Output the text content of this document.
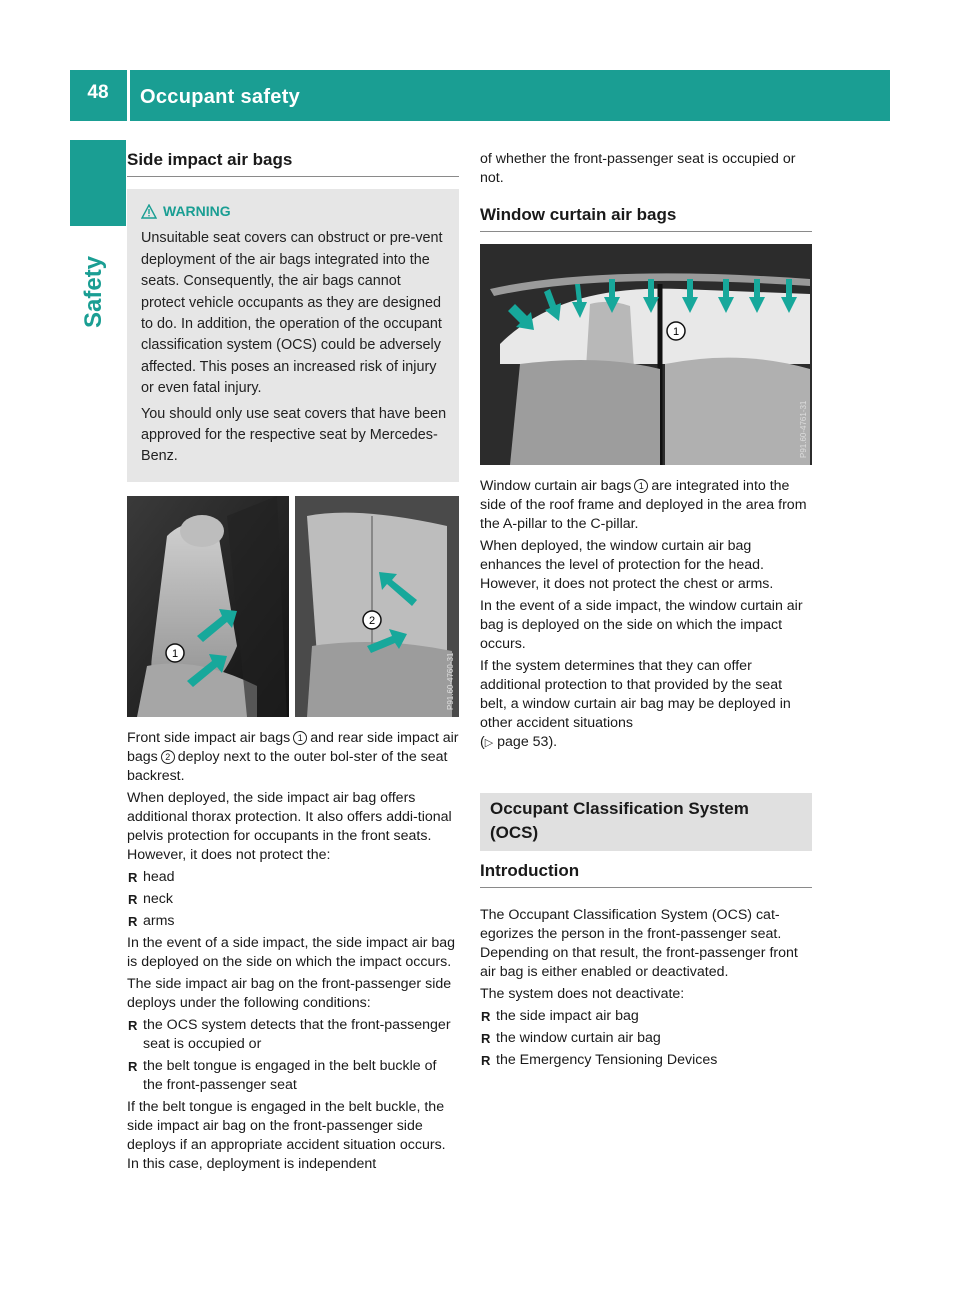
48	Occupant safety
Safety
Side impact air bags
WARNING

Unsuitable seat covers can obstruct or pre-vent deployment of the air bags integrated into the seats. Consequently, the air bags cannot protect vehicle occupants as they are designed to do. In addition, the operation of the occupant classification system (OCS) could be adversely affected. This poses an increased risk of injury or even fatal injury.

You should only use seat covers that have been approved for the respective seat by Mercedes-Benz.

1
2
P91.60-4760-31

Front side impact air bags 1 and rear side impact air bags 2 deploy next to the outer bol-ster of the seat backrest.

When deployed, the side impact air bag offers additional thorax protection. It also offers addi-tional pelvis protection for occupants in the front seats. However, it does not protect the:

R head
R neck
R arms

In the event of a side impact, the side impact air bag is deployed on the side on which the impact occurs.

The side impact air bag on the front-passenger side deploys under the following conditions:

R the OCS system detects that the front-passenger seat is occupied or
R the belt tongue is engaged in the belt buckle of the front-passenger seat

If the belt tongue is engaged in the belt buckle, the side impact air bag on the front-passenger side deploys if an appropriate accident situation occurs. In this case, deployment is independent

of whether the front-passenger seat is occupied or not.

Window curtain air bags
1
P91.60-4761-31

Window curtain air bags 1 are integrated into the side of the roof frame and deployed in the area from the A-pillar to the C-pillar.

When deployed, the window curtain air bag enhances the level of protection for the head. However, it does not protect the chest or arms.

In the event of a side impact, the window curtain air bag is deployed on the side on which the impact occurs.

If the system determines that they can offer additional protection to that provided by the seat belt, a window curtain air bag may be deployed in other accident situations
(▷ page 53).

Occupant Classification System
(OCS)
Introduction

The Occupant Classification System (OCS) cat-egorizes the person in the front-passenger seat. Depending on that result, the front-passenger front air bag is either enabled or deactivated.

The system does not deactivate:

R the side impact air bag
R the window curtain air bag
R the Emergency Tensioning Devices
